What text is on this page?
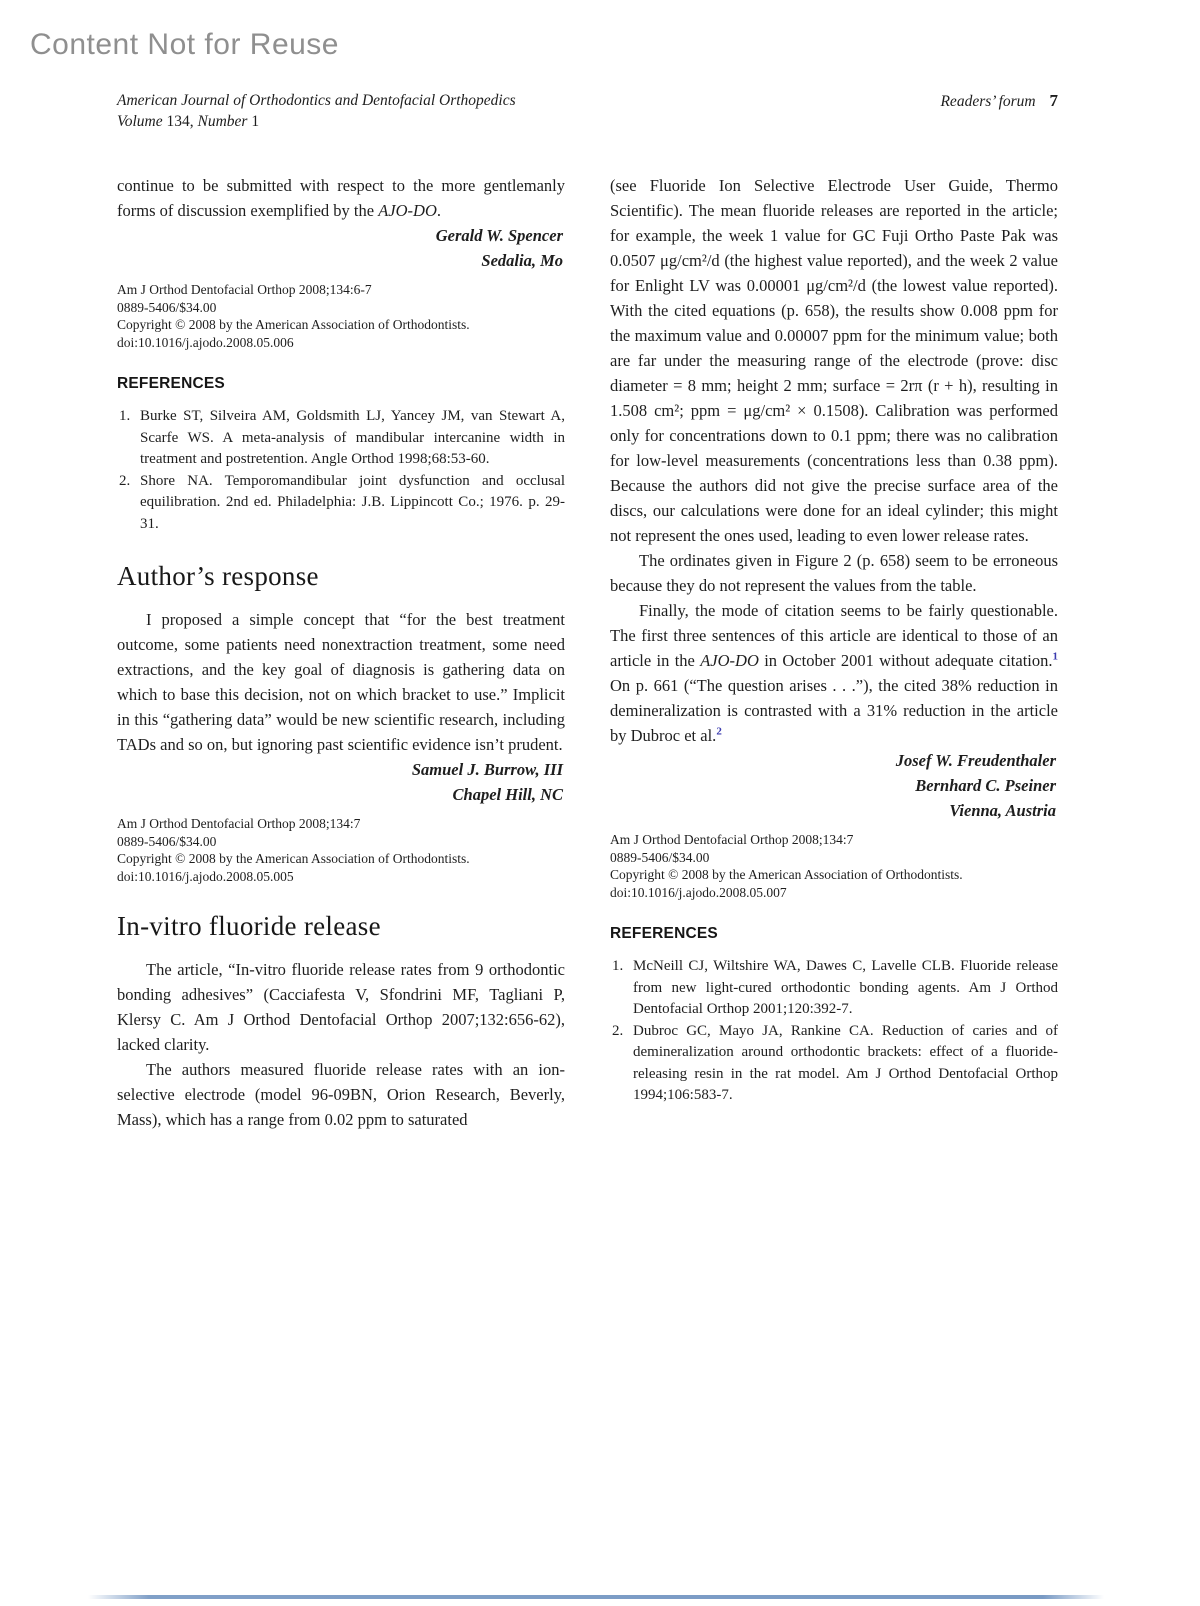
Content Not for Reuse
American Journal of Orthodontics and Dentofacial Orthopedics
Volume 134, Number 1
Readers’ forum 7

continue to be submitted with respect to the more gentlemanly forms of discussion exemplified by the AJO-DO.

Gerald W. Spencer
Sedalia, Mo
Am J Orthod Dentofacial Orthop 2008;134:6-7
0889-5406/$34.00
Copyright © 2008 by the American Association of Orthodontists.
doi:10.1016/j.ajodo.2008.05.006
REFERENCES
1. Burke ST, Silveira AM, Goldsmith LJ, Yancey JM, van Stewart A, Scarfe WS. A meta-analysis of mandibular intercanine width in treatment and postretention. Angle Orthod 1998;68:53-60.
2. Shore NA. Temporomandibular joint dysfunction and occlusal equilibration. 2nd ed. Philadelphia: J.B. Lippincott Co.; 1976. p. 29-31.
Author’s response

I proposed a simple concept that “for the best treatment outcome, some patients need nonextraction treatment, some need extractions, and the key goal of diagnosis is gathering data on which to base this decision, not on which bracket to use.” Implicit in this “gathering data” would be new scientific research, including TADs and so on, but ignoring past scientific evidence isn’t prudent.

Samuel J. Burrow, III
Chapel Hill, NC
Am J Orthod Dentofacial Orthop 2008;134:7
0889-5406/$34.00
Copyright © 2008 by the American Association of Orthodontists.
doi:10.1016/j.ajodo.2008.05.005
In-vitro fluoride release

The article, “In-vitro fluoride release rates from 9 orthodontic bonding adhesives” (Cacciafesta V, Sfondrini MF, Tagliani P, Klersy C. Am J Orthod Dentofacial Orthop 2007;132:656-62), lacked clarity.

The authors measured fluoride release rates with an ion-selective electrode (model 96-09BN, Orion Research, Beverly, Mass), which has a range from 0.02 ppm to saturated

(see Fluoride Ion Selective Electrode User Guide, Thermo Scientific). The mean fluoride releases are reported in the article; for example, the week 1 value for GC Fuji Ortho Paste Pak was 0.0507 μg/cm²/d (the highest value reported), and the week 2 value for Enlight LV was 0.00001 μg/cm²/d (the lowest value reported). With the cited equations (p. 658), the results show 0.008 ppm for the maximum value and 0.00007 ppm for the minimum value; both are far under the measuring range of the electrode (prove: disc diameter = 8 mm; height 2 mm; surface = 2rπ (r + h), resulting in 1.508 cm²; ppm = μg/cm² × 0.1508). Calibration was performed only for concentrations down to 0.1 ppm; there was no calibration for low-level measurements (concentrations less than 0.38 ppm). Because the authors did not give the precise surface area of the discs, our calculations were done for an ideal cylinder; this might not represent the ones used, leading to even lower release rates.

The ordinates given in Figure 2 (p. 658) seem to be erroneous because they do not represent the values from the table.

Finally, the mode of citation seems to be fairly questionable. The first three sentences of this article are identical to those of an article in the AJO-DO in October 2001 without adequate citation.$^1$ On p. 661 (“The question arises . . .”), the cited 38% reduction in demineralization is contrasted with a 31% reduction in the article by Dubroc et al.$^2$

Josef W. Freudenthaler
Bernhard C. Pseiner
Vienna, Austria
Am J Orthod Dentofacial Orthop 2008;134:7
0889-5406/$34.00
Copyright © 2008 by the American Association of Orthodontists.
doi:10.1016/j.ajodo.2008.05.007
REFERENCES
1. McNeill CJ, Wiltshire WA, Dawes C, Lavelle CLB. Fluoride release from new light-cured orthodontic bonding agents. Am J Orthod Dentofacial Orthop 2001;120:392-7.
2. Dubroc GC, Mayo JA, Rankine CA. Reduction of caries and of demineralization around orthodontic brackets: effect of a fluoride-releasing resin in the rat model. Am J Orthod Dentofacial Orthop 1994;106:583-7.
